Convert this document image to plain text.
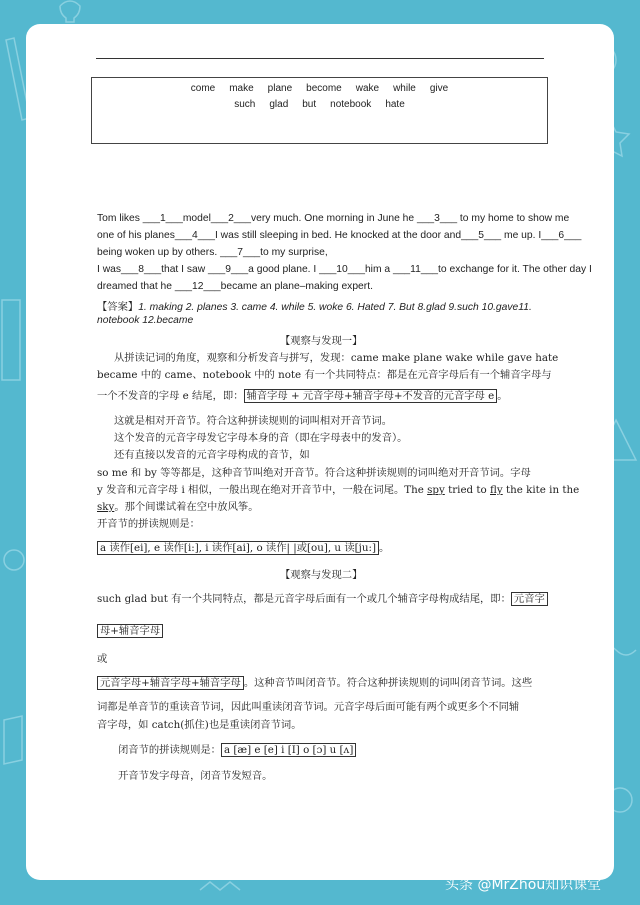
come make plane become wake while give
such glad but notebook hate
Tom likes ___1___model___2___very much. One morning in June he ___3___ to my home to show me
one of his planes___4___I was still sleeping in bed. He knocked at the door and___5___ me up. I___6___
being woken up by others. ___7___to my surprise,
I was___8___that I saw ___9___a good plane. I ___10___him a ___11___to exchange for it. The other day I
dreamed that he ___12___became an plane–making expert.
【答案】1. making 2. planes 3. came 4. while 5. woke 6. Hated 7. But 8.glad 9.such 10.gave11.
notebook 12.became
【观察与发现一】
从拼读记词的角度，观察和分析发音与拼写，发现：came make plane wake while gave hate
became 中的 came、notebook 中的 note 有一个共同特点：都是在元音字母后有一个辅音字母与
一个不发音的字母 e 结尾，即： 辅音字母 + 元音字母+辅音字母+不发音的元音字母 e 。
这就是相对开音节。符合这种拼读规则的词叫相对开音节词。
这个发音的元音字母发它字母本身的音（即在字母表中的发音）。
还有直接以发音的元音字母构成的音节，如
so me 和 by 等等都是，这种音节叫绝对开音节。符合这种拼读规则的词叫绝对开音节词。字母
y 发音和元音字母 i 相似，一般出现在绝对开音节中，一般在词尾。The spy tried to fly the kite in the
sky。那个间谍试着在空中放风筝。
开音节的拼读规则是：
a 读作[ei], e 读作[i:], i 读作[ai], o 读作| |或[ou], u 读[ju:] 。
【观察与发现二】
such glad but 有一个共同特点，都是元音字母后面有一个或几个辅音字母构成结尾，即： 元音字
母+辅音字母
或
元音字母+辅音字母+辅音字母 。这种音节叫闭音节。符合这种拼读规则的词叫闭音节词。这些
词都是单音节的重读音节词，因此叫重读闭音节词。元音字母后面可能有两个或更多个不同辅
音字母，如 catch(抓住)也是重读闭音节词。
闭音节的拼读规则是： a [æ] e [e] i [I] o [ɔ] u [ʌ]
开音节发字母音，闭音节发短音。
头条 @MrZhou知识课堂
